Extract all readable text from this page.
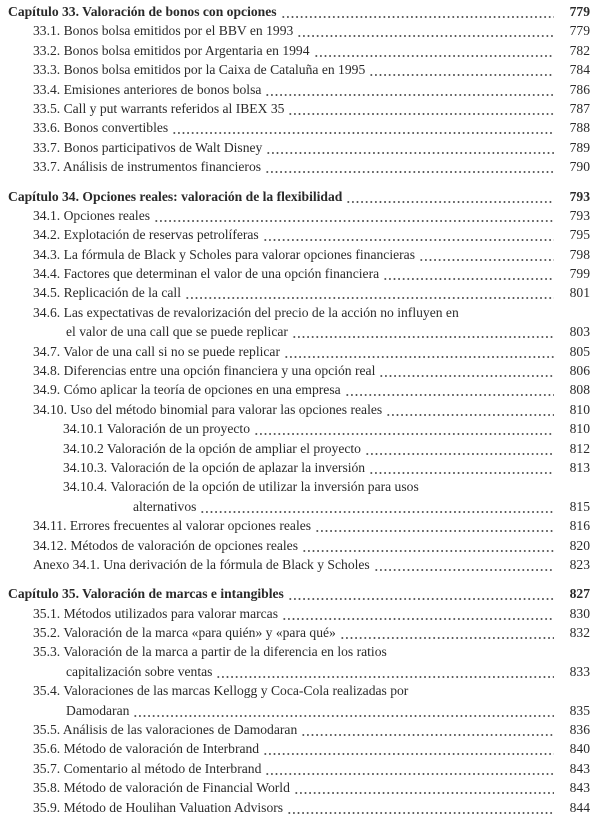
Capítulo 33. Valoración de bonos con opciones	779
33.1. Bonos bolsa emitidos por el BBV en 1993	779
33.2. Bonos bolsa emitidos por Argentaria en 1994	782
33.3. Bonos bolsa emitidos por la Caixa de Cataluña en 1995	784
33.4. Emisiones anteriores de bonos bolsa	786
33.5. Call y put warrants referidos al IBEX 35	787
33.6. Bonos convertibles	788
33.7. Bonos participativos de Walt Disney	789
33.7. Análisis de instrumentos financieros	790
Capítulo 34. Opciones reales: valoración de la flexibilidad	793
34.1. Opciones reales	793
34.2. Explotación de reservas petrolíferas	795
34.3. La fórmula de Black y Scholes para valorar opciones financieras	798
34.4. Factores que determinan el valor de una opción financiera	799
34.5. Replicación de la call	801
34.6. Las expectativas de revalorización del precio de la acción no influyen en
el valor de una call que se puede replicar	803
34.7. Valor de una call si no se puede replicar	805
34.8. Diferencias entre una opción financiera y una opción real	806
34.9. Cómo aplicar la teoría de opciones en una empresa	808
34.10. Uso del método binomial para valorar las opciones reales	810
34.10.1 Valoración de un proyecto	810
34.10.2 Valoración de la opción de ampliar el proyecto	812
34.10.3. Valoración de la opción de aplazar la inversión	813
34.10.4. Valoración de la opción de utilizar la inversión para usos
alternativos	815
34.11. Errores frecuentes al valorar opciones reales	816
34.12. Métodos de valoración de opciones reales	820
Anexo 34.1. Una derivación de la fórmula de Black y Scholes	823
Capítulo 35. Valoración de marcas e intangibles	827
35.1. Métodos utilizados para valorar marcas	830
35.2. Valoración de la marca «para quién» y «para qué»	832
35.3. Valoración de la marca a partir de la diferencia en los ratios
capitalización sobre ventas	833
35.4. Valoraciones de las marcas Kellogg y Coca-Cola realizadas por
Damodaran	835
35.5. Análisis de las valoraciones de Damodaran	836
35.6. Método de valoración de Interbrand	840
35.7. Comentario al método de Interbrand	843
35.8. Método de valoración de Financial World	843
35.9. Método de Houlihan Valuation Advisors	844
